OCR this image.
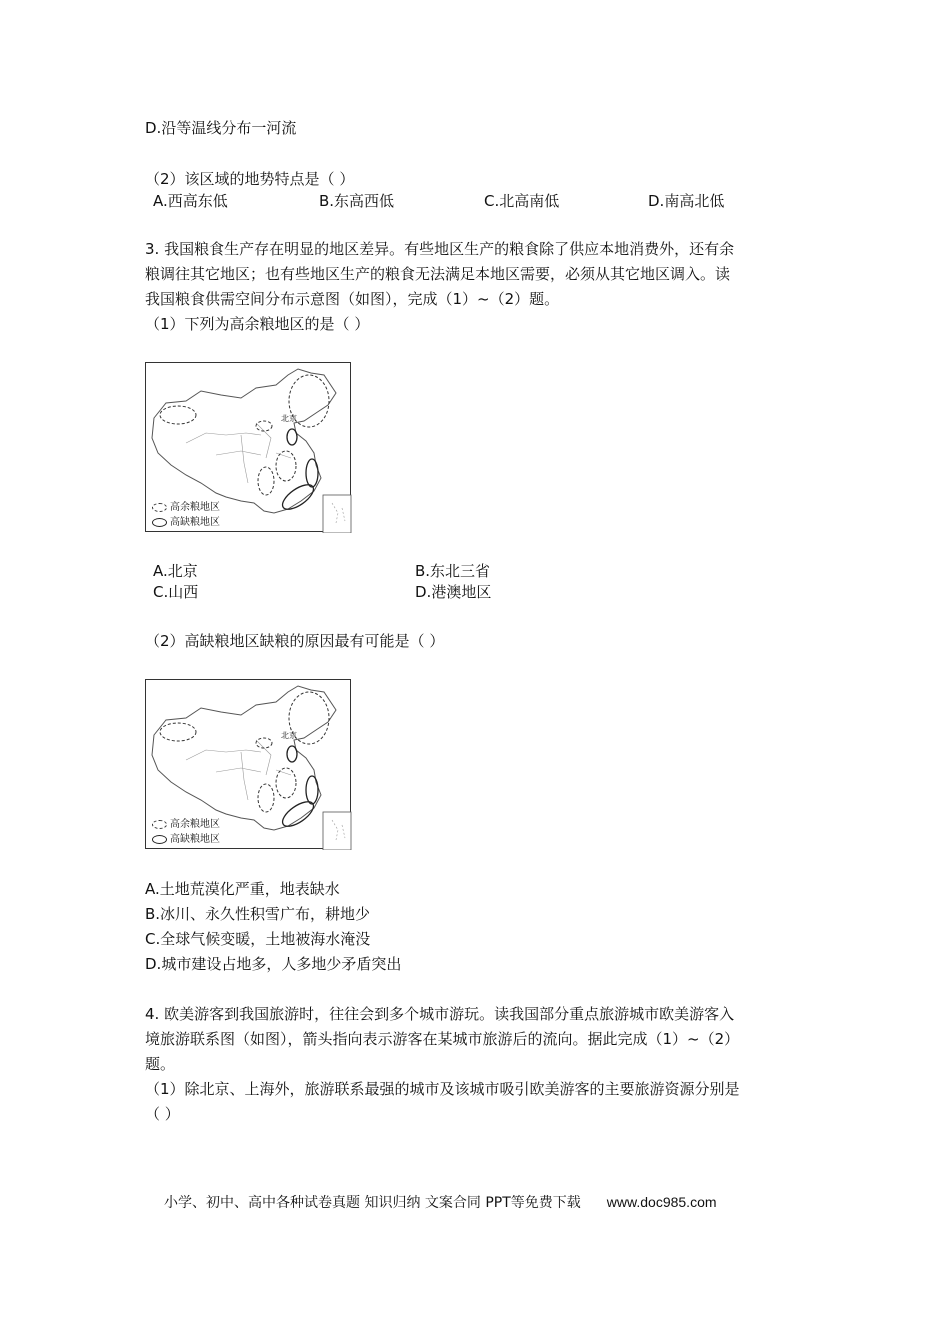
D.沿等温线分布一河流
（2）该区域的地势特点是（ ）
A.西高东低	B.东高西低	C.北高南低	D.南高北低
3. 我国粮食生产存在明显的地区差异。有些地区生产的粮食除了供应本地消费外，还有余
粮调往其它地区；也有些地区生产的粮食无法满足本地区需要，必须从其它地区调入。读
我国粮食供需空间分布示意图（如图），完成（1）~（2）题。
（1）下列为高余粮地区的是（ ）
北京
高余粮地区
高缺粮地区
A.北京	B.东北三省
C.山西	D.港澳地区
（2）高缺粮地区缺粮的原因最有可能是（ ）
北京
高余粮地区
高缺粮地区
A.土地荒漠化严重，地表缺水
B.冰川、永久性积雪广布，耕地少
C.全球气候变暖，土地被海水淹没
D.城市建设占地多，人多地少矛盾突出
4. 欧美游客到我国旅游时，往往会到多个城市游玩。读我国部分重点旅游城市欧美游客入
境旅游联系图（如图），箭头指向表示游客在某城市旅游后的流向。据此完成（1）~（2）
题。
（1）除北京、上海外，旅游联系最强的城市及该城市吸引欧美游客的主要旅游资源分别是
（ ）
小学、初中、高中各种试卷真题 知识归纳 文案合同 PPT等免费下载 www.doc985.com
